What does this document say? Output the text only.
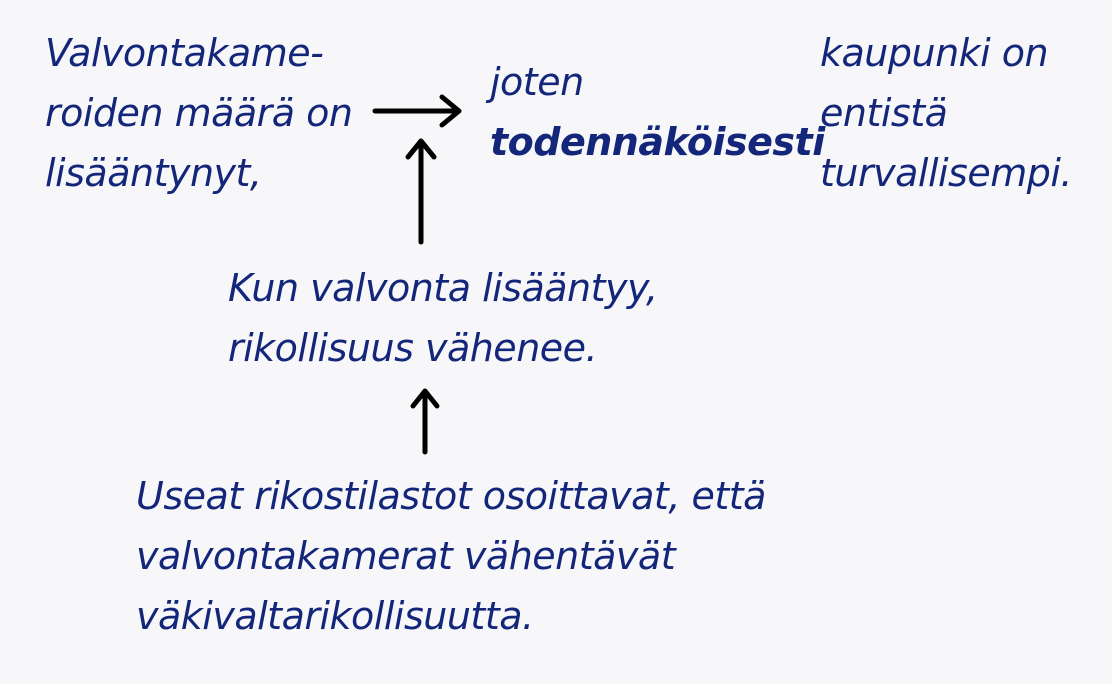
Valvontakame-
roiden määrä on
lisääntynyt,
joten
todennäköisesti
kaupunki on
entistä
turvallisempi.
Kun valvonta lisääntyy,
rikollisuus vähenee.
Useat rikostilastot osoittavat, että
valvontakamerat vähentävät
väkivaltarikollisuutta.
